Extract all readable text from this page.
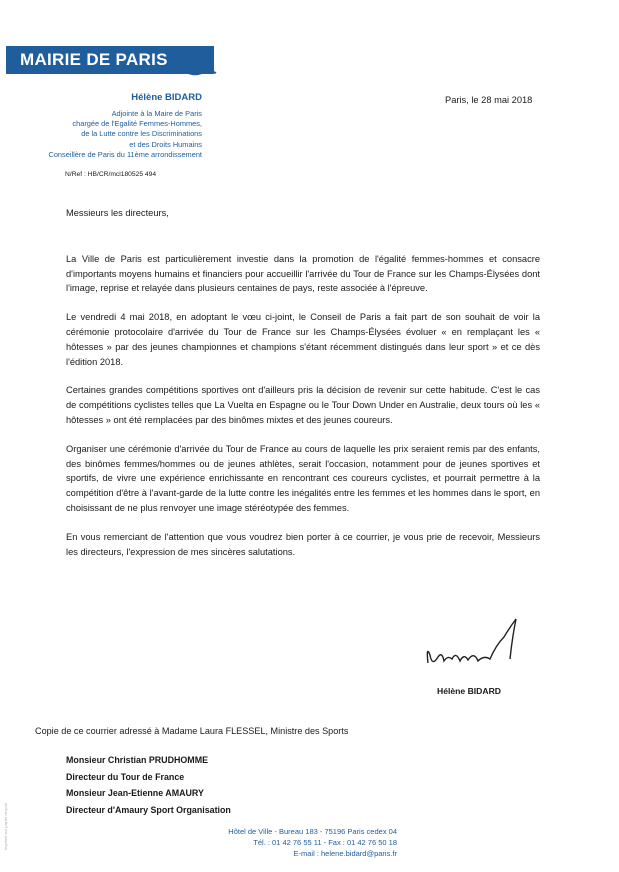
MAIRIE DE PARIS
Hélène BIDARD
Adjointe à la Maire de Paris
chargée de l'Egalité Femmes-Hommes,
de la Lutte contre les Discriminations
et des Droits Humains
Conseillère de Paris du 11ème arrondissement
Paris, le 28 mai 2018
N/Ref : HB/CR/mcl180525 494

Messieurs les directeurs,

La Ville de Paris est particulièrement investie dans la promotion de l'égalité femmes-hommes et consacre d'importants moyens humains et financiers pour accueillir l'arrivée du Tour de France sur les Champs-Élysées dont l'image, reprise et relayée dans plusieurs centaines de pays, reste associée à l'épreuve.

Le vendredi 4 mai 2018, en adoptant le vœu ci-joint, le Conseil de Paris a fait part de son souhait de voir la cérémonie protocolaire d'arrivée du Tour de France sur les Champs-Élysées évoluer « en remplaçant les « hôtesses » par des jeunes championnes et champions s'étant récemment distingués dans leur sport » et ce dès l'édition 2018.

Certaines grandes compétitions sportives ont d'ailleurs pris la décision de revenir sur cette habitude. C'est le cas de compétitions cyclistes telles que La Vuelta en Espagne ou le Tour Down Under en Australie, deux tours où les « hôtesses » ont été remplacées par des binômes mixtes et des jeunes coureurs.

Organiser une cérémonie d'arrivée du Tour de France au cours de laquelle les prix seraient remis par des enfants, des binômes femmes/hommes ou de jeunes athlètes, serait l'occasion, notamment pour de jeunes sportives et sportifs, de vivre une expérience enrichissante en rencontrant ces coureurs cyclistes, et pourrait permettre à la compétition d'être à l'avant-garde de la lutte contre les inégalités entre les femmes et les hommes dans le sport, en choisissant de ne plus renvoyer une image stéréotypée des femmes.

En vous remerciant de l'attention que vous voudrez bien porter à ce courrier, je vous prie de recevoir, Messieurs les directeurs, l'expression de mes sincères salutations.

Hélène BIDARD
Copie de ce courrier adressé à Madame Laura FLESSEL, Ministre des Sports
Monsieur Christian PRUDHOMME
Directeur du Tour de France
Monsieur Jean-Etienne AMAURY
Directeur d'Amaury Sport Organisation
Hôtel de Ville - Bureau 183 - 75196 Paris cedex 04
Tél. : 01 42 76 55 11 - Fax : 01 42 76 50 18
E-mail : helene.bidard@paris.fr
Imprimé sur papier recyclé
